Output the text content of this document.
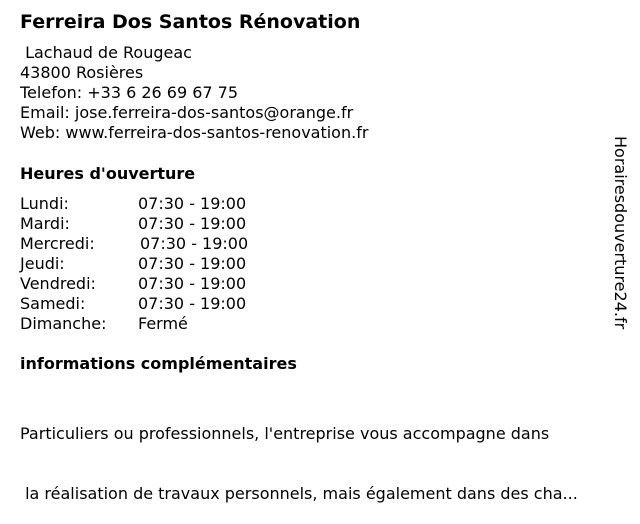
Ferreira Dos Santos Rénovation
Lachaud de Rougeac
43800 Rosières
Telefon: +33 6 26 69 67 75
Email: jose.ferreira-dos-santos@orange.fr
Web: www.ferreira-dos-santos-renovation.fr
Heures d'ouverture
Lundi:	07:30 - 19:00
Mardi:	07:30 - 19:00
Mercredi:	07:30 - 19:00
Jeudi:	07:30 - 19:00
Vendredi:	07:30 - 19:00
Samedi:	07:30 - 19:00
Dimanche:	Fermé
informations complémentaires

Particuliers ou professionnels, l'entreprise vous accompagne dans

la réalisation de travaux personnels, mais également dans des cha...

Horairesdouverture24.fr
